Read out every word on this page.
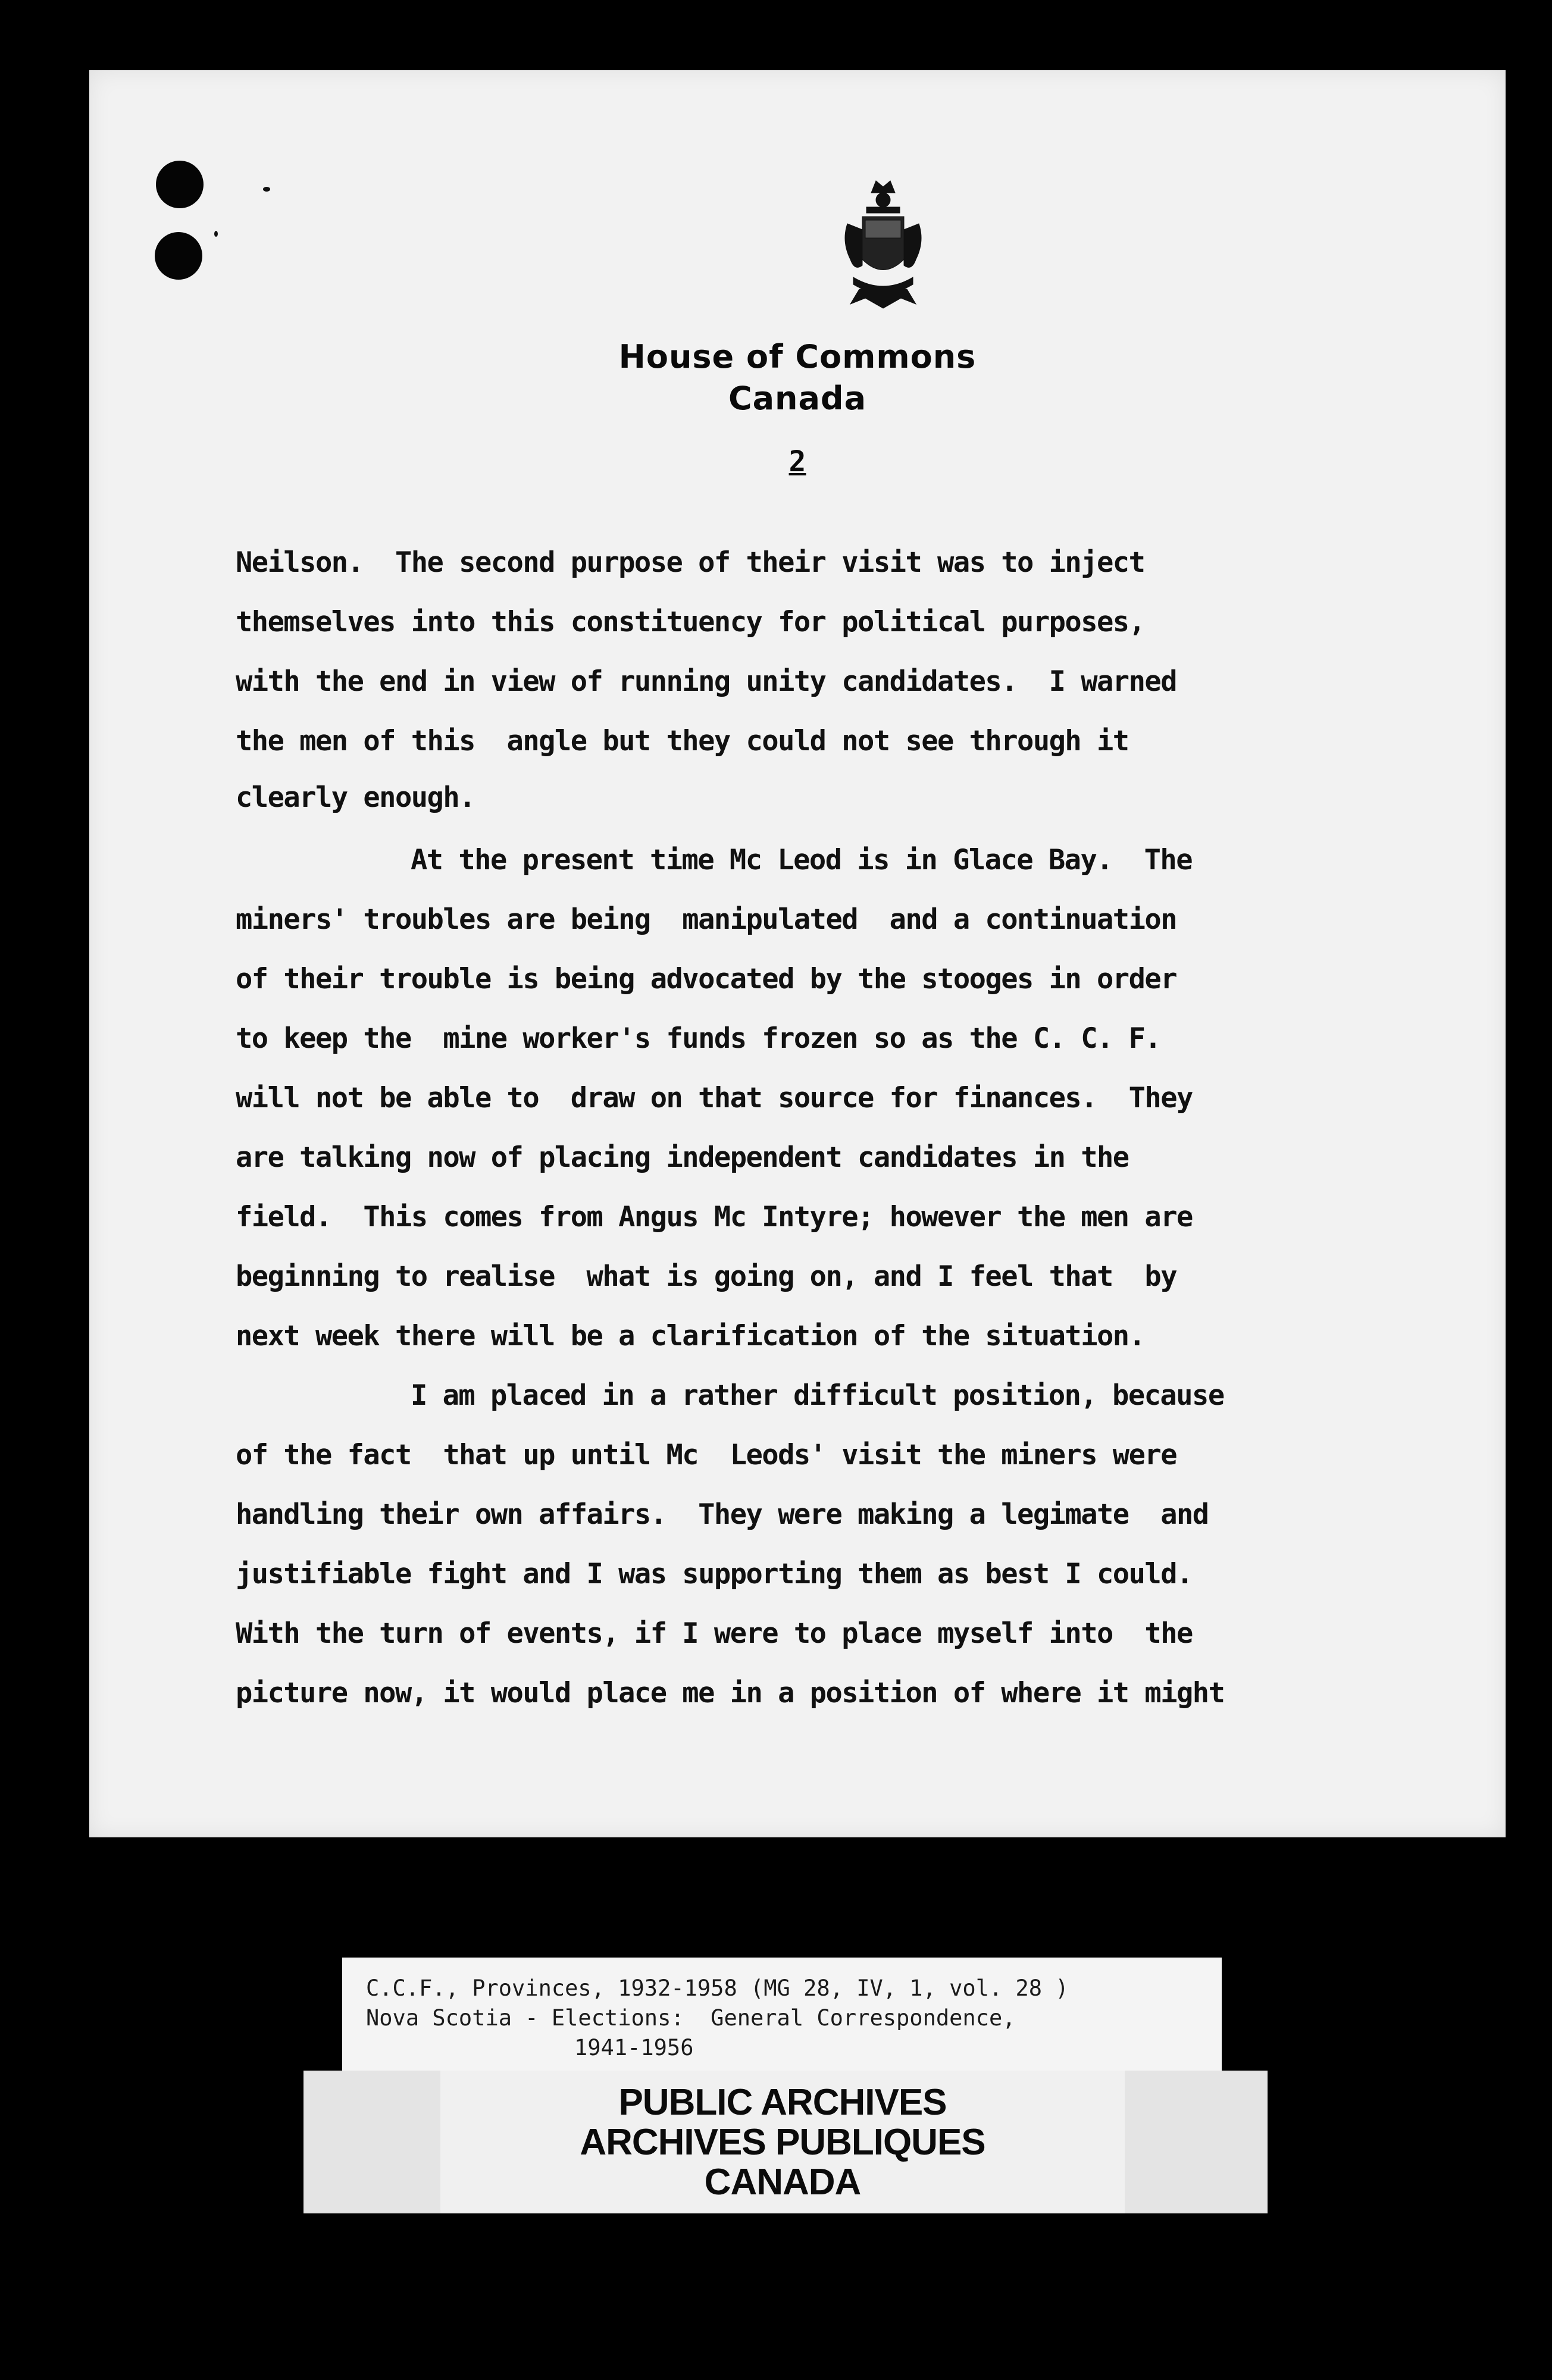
House of Commons
Canada
2
Neilson.  The second purpose of their visit was to inject
themselves into this constituency for political purposes,
with the end in view of running unity candidates.  I warned
the men of this  angle but they could not see through it
clearly enough.
At the present time Mc Leod is in Glace Bay.  The
miners' troubles are being  manipulated  and a continuation
of their trouble is being advocated by the stooges in order
to keep the  mine worker's funds frozen so as the C. C. F.
will not be able to  draw on that source for finances.  They
are talking now of placing independent candidates in the
field.  This comes from Angus Mc Intyre; however the men are
beginning to realise  what is going on, and I feel that  by
next week there will be a clarification of the situation.
I am placed in a rather difficult position, because
of the fact  that up until Mc  Leods' visit the miners were
handling their own affairs.  They were making a legimate  and
justifiable fight and I was supporting them as best I could.
With the turn of events, if I were to place myself into  the
picture now, it would place me in a position of where it might
C.C.F., Provinces, 1932-1958 (MG 28, IV, 1, vol. 28 )
Nova Scotia - Elections:  General Correspondence,
1941-1956
PUBLIC ARCHIVES
ARCHIVES PUBLIQUES
CANADA
